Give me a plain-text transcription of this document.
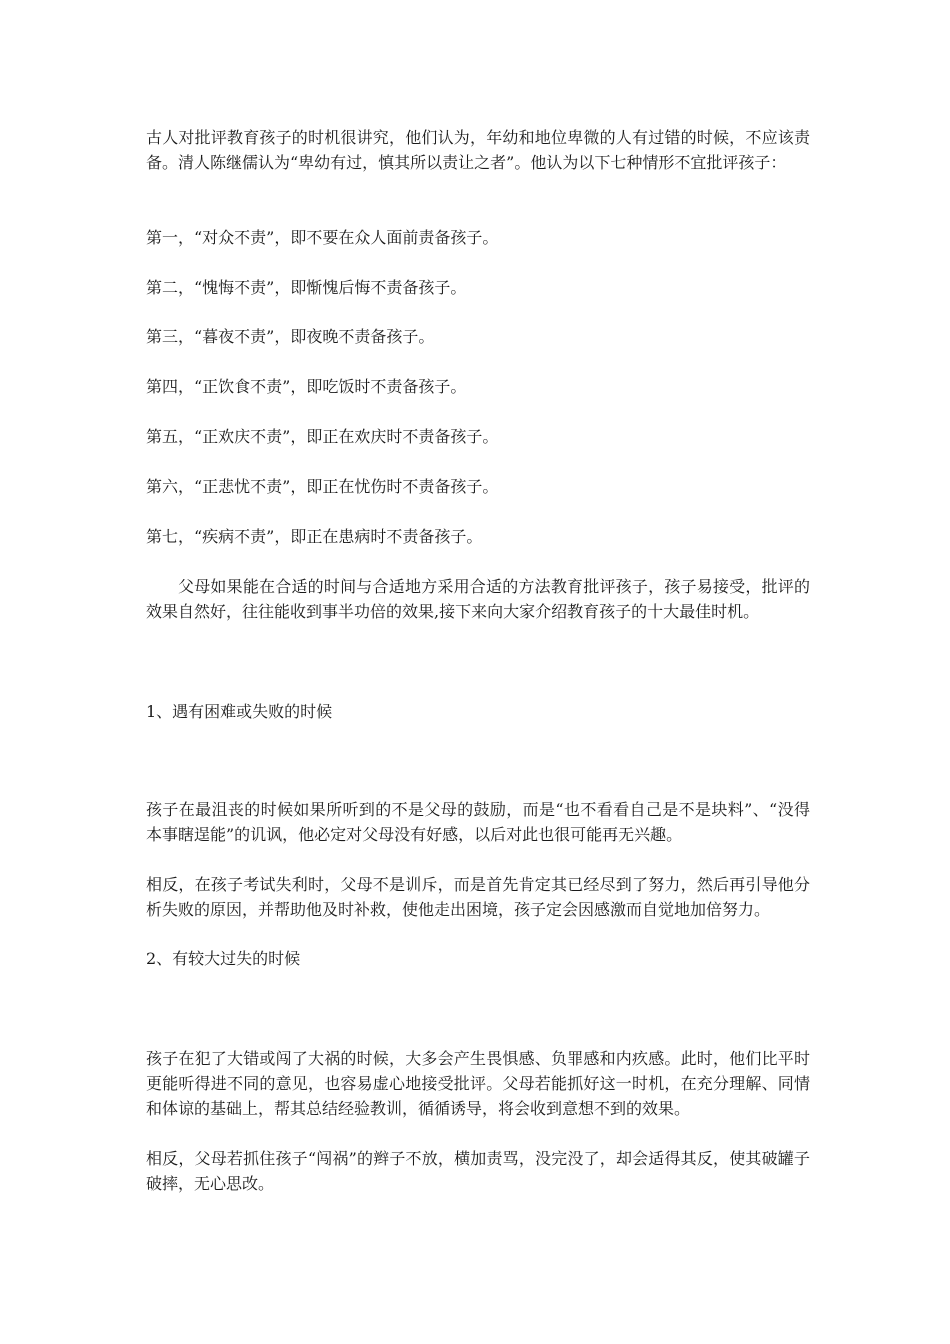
古人对批评教育孩子的时机很讲究，他们认为，年幼和地位卑微的人有过错的时候，不应该责备。清人陈继儒认为“卑幼有过，慎其所以责让之者”。他认为以下七种情形不宜批评孩子：

第一，“对众不责”，即不要在众人面前责备孩子。

第二，“愧悔不责”，即惭愧后悔不责备孩子。

第三，“暮夜不责”，即夜晚不责备孩子。

第四，“正饮食不责”，即吃饭时不责备孩子。

第五，“正欢庆不责”，即正在欢庆时不责备孩子。

第六，“正悲忧不责”，即正在忧伤时不责备孩子。

第七，“疾病不责”，即正在患病时不责备孩子。

父母如果能在合适的时间与合适地方采用合适的方法教育批评孩子，孩子易接受，批评的效果自然好，往往能收到事半功倍的效果,接下来向大家介绍教育孩子的十大最佳时机。

1、遇有困难或失败的时候

孩子在最沮丧的时候如果所听到的不是父母的鼓励，而是“也不看看自己是不是块料”、“没得本事瞎逞能”的讥讽，他必定对父母没有好感，以后对此也很可能再无兴趣。

相反，在孩子考试失利时，父母不是训斥，而是首先肯定其已经尽到了努力，然后再引导他分析失败的原因，并帮助他及时补救，使他走出困境，孩子定会因感激而自觉地加倍努力。

2、有较大过失的时候

孩子在犯了大错或闯了大祸的时候，大多会产生畏惧感、负罪感和内疚感。此时，他们比平时更能听得进不同的意见，也容易虚心地接受批评。父母若能抓好这一时机，在充分理解、同情和体谅的基础上，帮其总结经验教训，循循诱导，将会收到意想不到的效果。

相反，父母若抓住孩子“闯祸”的辫子不放，横加责骂，没完没了，却会适得其反，使其破罐子破摔，无心思改。
